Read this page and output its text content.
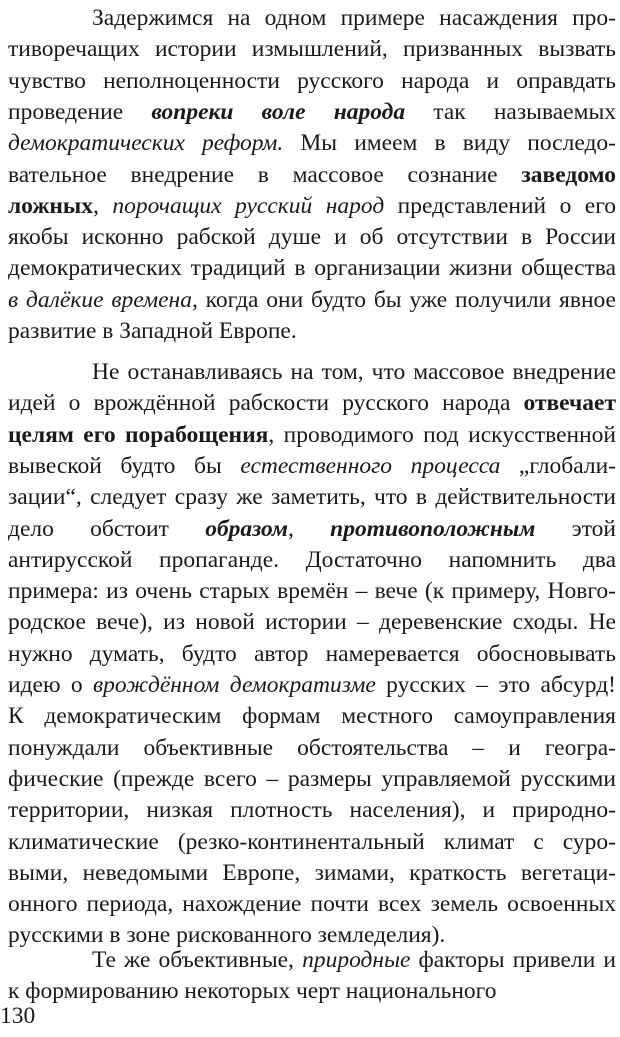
Задержимся на одном примере насаждения про-
тиворечащих истории измышлений, призванных вызвать
чувство неполноценности русского народа и оправдать
проведение вопреки воле народа так называемых
демократических реформ. Мы имеем в виду последо-
вательное внедрение в массовое сознание заведомо
ложных, порочащих русский народ представлений о его
якобы исконно рабской душе и об отсутствии в России
демократических традиций в организации жизни общества
в далёкие времена, когда они будто бы уже получили явное
развитие в Западной Европе.
Не останавливаясь на том, что массовое внедрение
идей о врождённой рабскости русского народа отвечает
целям его порабощения, проводимого под искусственной
вывеской будто бы естественного процесса „глобали-
зации“, следует сразу же заметить, что в действительности
дело обстоит образом, противоположным этой
антирусской пропаганде. Достаточно напомнить два
примера: из очень старых времён – вече (к примеру, Новго-
родское вече), из новой истории – деревенские сходы. Не
нужно думать, будто автор намеревается обосновывать
идею о врождённом демократизме русских – это абсурд!
К демократическим формам местного самоуправления
понуждали объективные обстоятельства – и геогра-
фические (прежде всего – размеры управляемой русскими
территории, низкая плотность населения), и природно-
климатические (резко-континентальный климат с суро-
выми, неведомыми Европе, зимами, краткость вегетаци-
онного периода, нахождение почти всех земель освоенных
русскими в зоне рискованного земледелия).
Те же объективные, природные факторы привели и
к формированию некоторых черт национального
130
